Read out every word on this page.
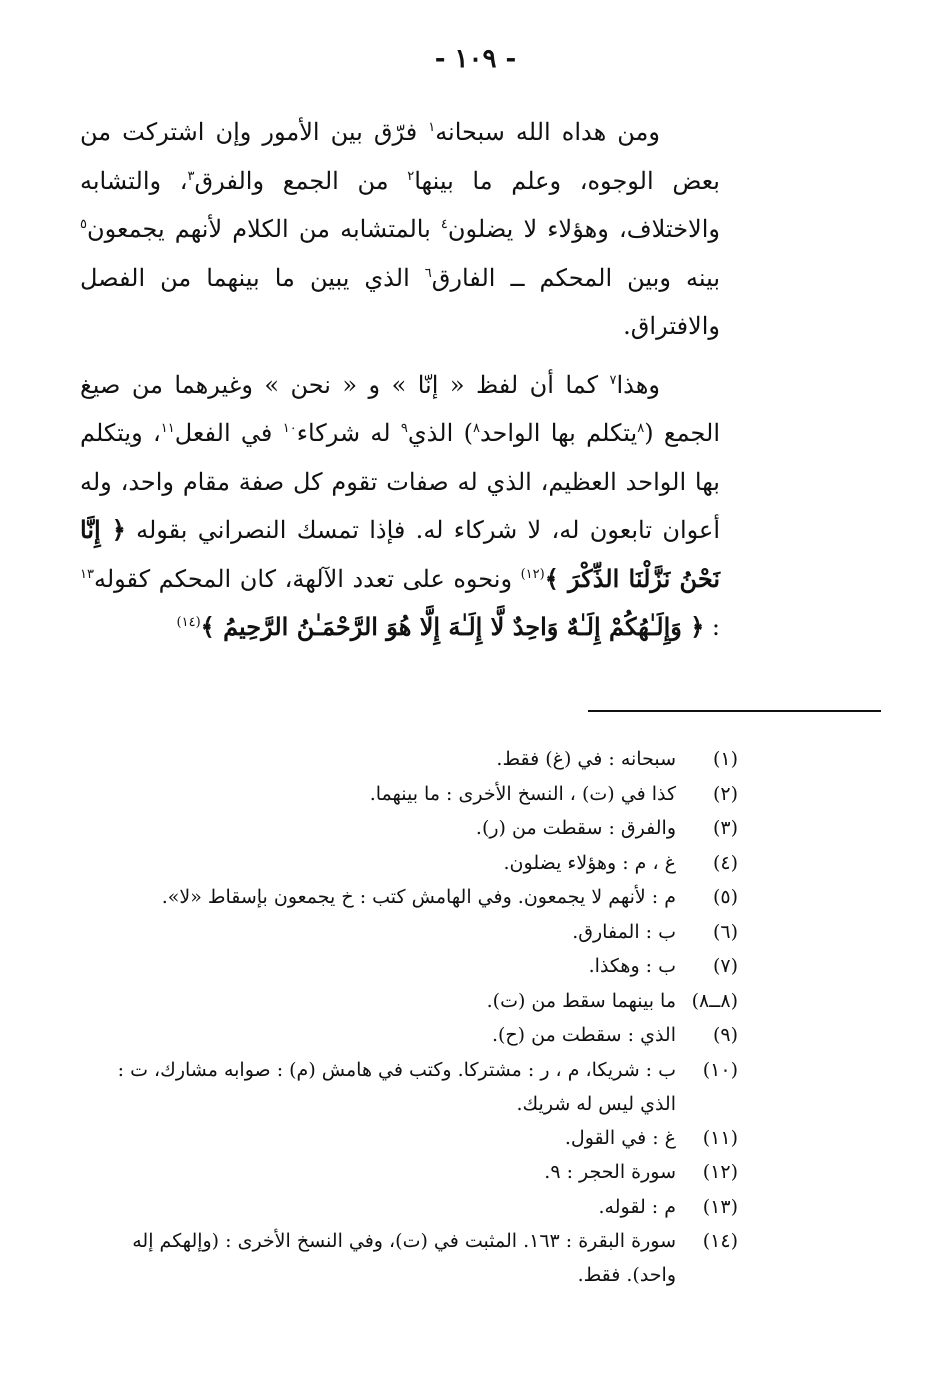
- ١٠٩ -

ومن هداه الله سبحانه$^١$ فرّق بين الأمور وإن اشتركت من بعض الوجوه، وعلم ما بينها$^٢$ من الجمع والفرق$^٣$، والتشابه والاختلاف، وهؤلاء لا يضلون$^٤$ بالمتشابه من الكلام لأنهم يجمعون$^٥$ بينه وبين المحكم ــ الفارق$^٦$ الذي يبين ما بينهما من الفصل والافتراق.

وهذا$^٧$ كما أن لفظ « إنّا » و « نحن » وغيرهما من صيغ الجمع ($^٨$يتكلم بها الواحد$^٨$) الذي$^٩$ له شركاء$^{١٠}$ في الفعل$^{١١}$، ويتكلم بها الواحد العظيم، الذي له صفات تقوم كل صفة مقام واحد، وله أعوان تابعون له، لا شركاء له. فإذا تمسك النصراني بقوله ﴿ إِنَّا نَحْنُ نَزَّلْنَا الذِّكْرَ ﴾$^{(١٢)}$ ونحوه على تعدد الآلهة، كان المحكم كقوله$^{١٣}$ : ﴿ وَإِلَـٰهُكُمْ إِلَـٰهٌ وَاحِدٌ لَّا إِلَـٰهَ إِلَّا هُوَ الرَّحْمَـٰنُ الرَّحِيمُ ﴾$^{(١٤)}$

(١)
سبحانه : في (غ) فقط.
(٢)
كذا في (ت) ، النسخ الأخرى : ما بينهما.
(٣)
والفرق : سقطت من (ر).
(٤)
غ ، م : وهؤلاء يضلون.
(٥)
م : لأنهم لا يجمعون. وفي الهامش كتب : خ يجمعون بإسقاط «لا».
(٦)
ب : المفارق.
(٧)
ب : وهكذا.
(٨ــ٨)
ما بينهما سقط من (ت).
(٩)
الذي : سقطت من (ح).
(١٠)
ب : شريكا، م ، ر : مشتركا. وكتب في هامش (م) : صوابه مشارك، ت : الذي ليس له شريك.
(١١)
غ : في القول.
(١٢)
سورة الحجر : ٩.
(١٣)
م : لقوله.
(١٤)
سورة البقرة : ١٦٣. المثبت في (ت)، وفي النسخ الأخرى : (وإلهكم إله واحد). فقط.
